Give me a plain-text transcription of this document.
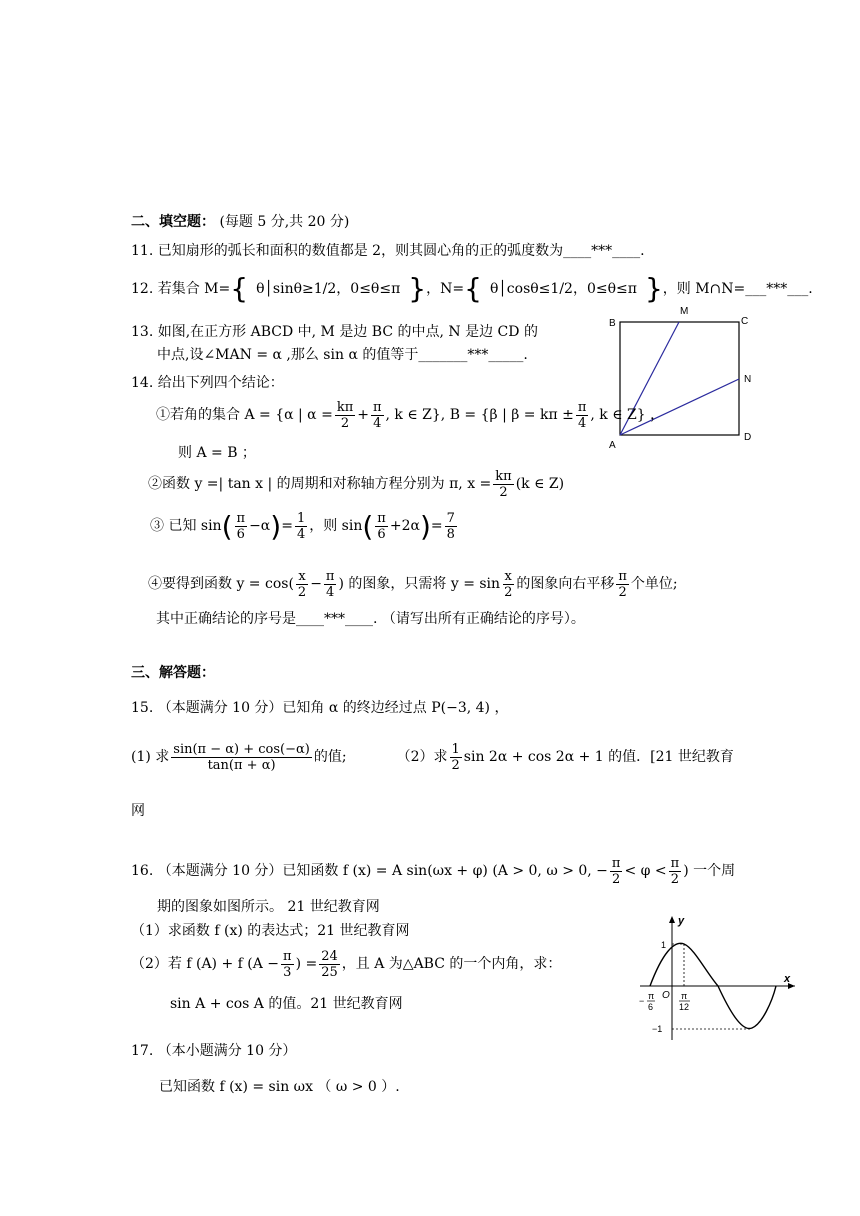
二、填空题： (每题 5 分,共 20 分)
11. 已知扇形的弧长和面积的数值都是 2，则其圆心角的正的弧度数为____***____.
12. 若集合 M= { θ│sinθ≥1/2，0≤θ≤π } ，N= { θ│cosθ≤1/2，0≤θ≤π } ，则 M∩N=___***___.
13. 如图,在正方形 ABCD 中, M 是边 BC 的中点, N 是边 CD 的
中点,设∠MAN = α ,那么 sin α 的值等于_______***_____.
B
M
C
N
A
D
14. 给出下列四个结论：
①若角的集合 A = {α | $\alpha = \frac{k\pi}{2} + \frac{\pi}{4}$ , k ∈ Z}, B = {β | $\beta = k\pi \pm \frac{\pi}{4}$ , k ∈ Z} ，
则 A = B ；
②函数 y =| tan x | 的周期和对称轴方程分别为 π, $x = \frac{k\pi}{2} (k$ ∈ Z)
③ 已知 sin ( $\frac{\pi}{6} -\alpha$ ) = $\frac{1}{4}$ ，则 sin ( $\frac{\pi}{6} +2\alpha$ ) = $\frac{7}{8}$
④要得到函数 $y = \cos( \frac{x}{2} - \frac{\pi}{4}$ ) 的图象，只需将 $y = \sin \frac{x}{2}$ 的图象向右平移 $\frac{\pi}{2}$ 个单位;
其中正确结论的序号是____***____. （请写出所有正确结论的序号）。
三、解答题：
15. （本题满分 10 分）已知角 α 的终边经过点 P(−3, 4) ，
(1) 求 $\frac{\sin(\pi - \alpha) + \cos(-\alpha)}{\tan(\pi + \alpha)}$ 的值;	（2）求 $\frac{1}{2}$ sin 2α + cos 2α + 1 的值．[21 世纪教育
网
16. （本题满分 10 分）已知函数 f (x) = A sin(ωx + φ) (A > 0, ω > 0, − $\frac{\pi}{2} < \varphi < \frac{\pi}{2}$ ) 一个周
期的图象如图所示。 21 世纪教育网
（1）求函数 f (x) 的表达式；21 世纪教育网
（2）若 f (A) + f ($A - \frac{\pi}{3}$ ) = $\frac{24}{25}$ ，且 A 为△ABC 的一个内角，求：
sin A + cos A 的值。21 世纪教育网
y
x
O
1
−1
− π
6
π
12
17. （本小题满分 10 分）
已知函数 f (x) = sin ωx （ ω > 0 ）.
